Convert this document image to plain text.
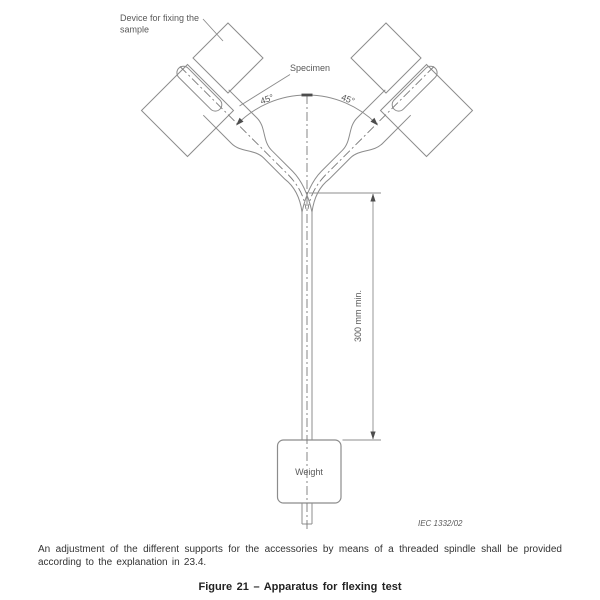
45°	45°
300 mm min.
Device for fixing the
sample
Specimen
Weight
IEC 1332/02
An adjustment of the different supports for the accessories by means of a threaded spindle shall be provided according to the explanation in 23.4.
Figure 21 – Apparatus for flexing test
